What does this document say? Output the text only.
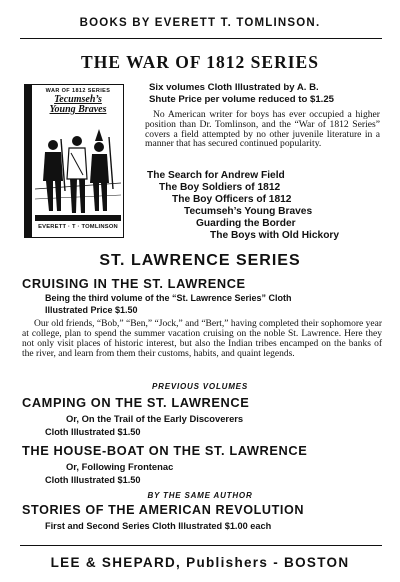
BOOKS BY EVERETT T. TOMLINSON.
THE WAR OF 1812 SERIES
WAR OF 1812 SERIES
Tecumseh’s
Young Braves
EVERETT · T · TOMLINSON
Six volumes Cloth Illustrated by A. B.
Shute Price per volume reduced to $1.25
No American writer for boys has ever occupied a higher position than Dr. Tomlinson, and the “War of 1812 Series” covers a field attempted by no other juvenile literature in a manner that has secured continued popularity.
The Search for Andrew Field
The Boy Soldiers of 1812
The Boy Officers of 1812
Tecumseh’s Young Braves
Guarding the Border
The Boys with Old Hickory
ST. LAWRENCE SERIES
CRUISING IN THE ST. LAWRENCE
Being the third volume of the “St. Lawrence Series” Cloth
Illustrated Price $1.50
Our old friends, “Bob,” “Ben,” “Jock,” and “Bert,” having completed their sophomore year at college, plan to spend the summer vacation cruising on the noble St. Lawrence. Here they not only visit places of historic interest, but also the Indian tribes encamped on the banks of the river, and learn from them their customs, habits, and quaint legends.
PREVIOUS VOLUMES
CAMPING ON THE ST. LAWRENCE
Or, On the Trail of the Early Discoverers
Cloth Illustrated $1.50
THE HOUSE-BOAT ON THE ST. LAWRENCE
Or, Following Frontenac
Cloth Illustrated $1.50
BY THE SAME AUTHOR
STORIES OF THE AMERICAN REVOLUTION
First and Second Series Cloth Illustrated $1.00 each
LEE & SHEPARD, Publishers - BOSTON
